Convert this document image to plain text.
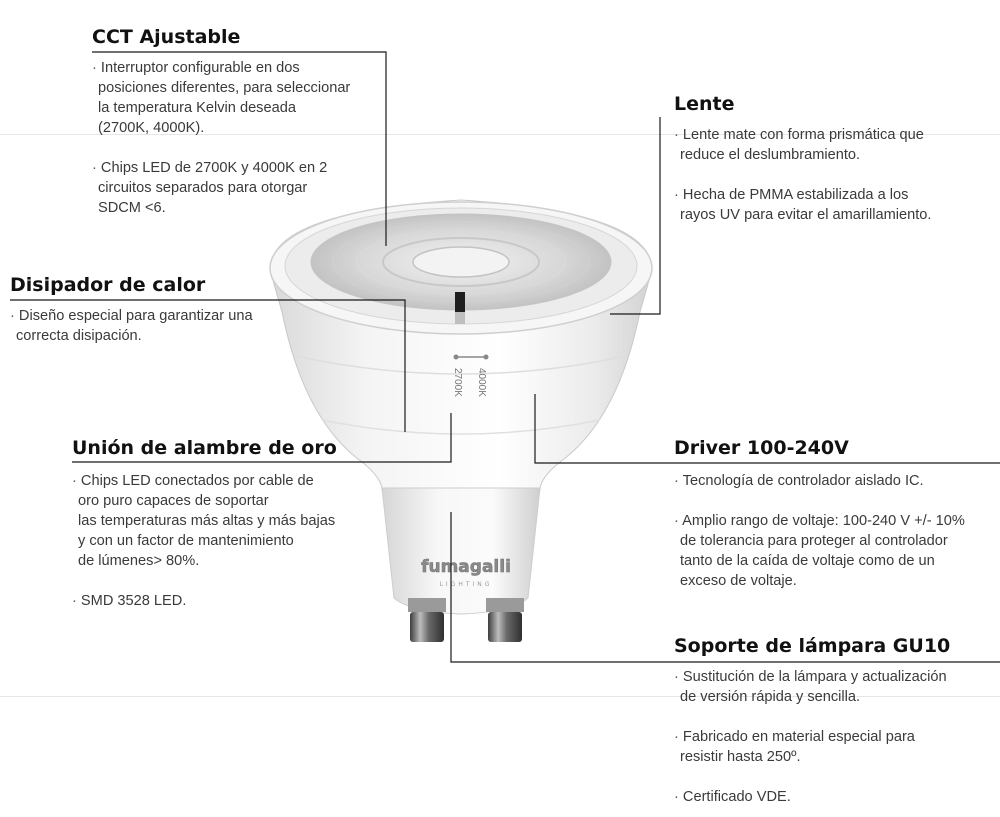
2700K 4000K
fumagalli
LIGHTING
CCT Ajustable

· Interruptor configurable en dos

posiciones diferentes, para seleccionar

la temperatura Kelvin deseada

(2700K, 4000K).

· Chips LED de 2700K y 4000K en 2

circuitos separados para otorgar

SDCM <6.

Disipador de calor

· Diseño especial para garantizar una

correcta disipación.

Unión de alambre de oro

· Chips LED conectados por cable de

oro puro capaces de soportar

las temperaturas más altas y más bajas

y con un factor de mantenimiento

de lúmenes> 80%.

· SMD 3528 LED.

Lente

· Lente mate con forma prismática que

reduce el deslumbramiento.

· Hecha de PMMA estabilizada a los

rayos UV para evitar el amarillamiento.

Driver 100-240V

· Tecnología de controlador aislado IC.

· Amplio rango de voltaje: 100-240 V +/- 10%

de tolerancia para proteger al controlador

tanto de la caída de voltaje como de un

exceso de voltaje.

Soporte de lámpara GU10

· Sustitución de la lámpara y actualización

de versión rápida y sencilla.

· Fabricado en material especial para

resistir hasta 250º.

· Certificado VDE.
